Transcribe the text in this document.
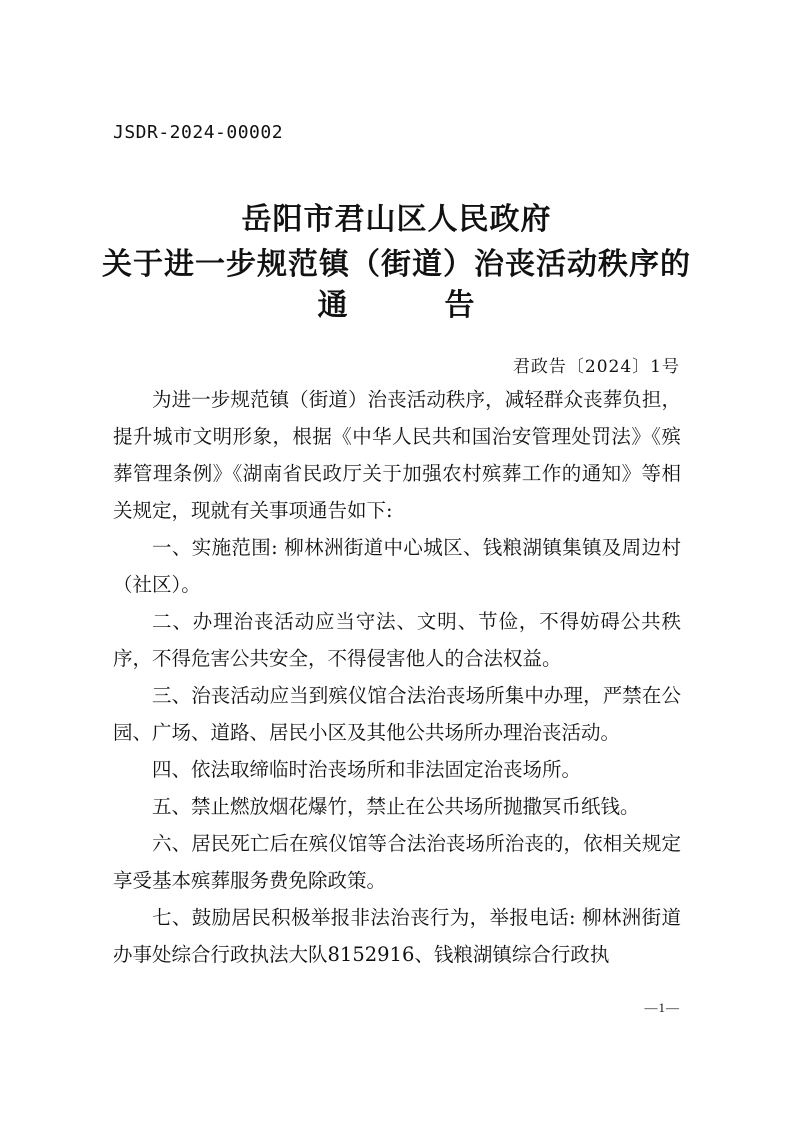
JSDR-2024-00002
岳阳市君山区人民政府
关于进一步规范镇（街道）治丧活动秩序的
通	告
君政告〔2024〕1号

为进一步规范镇（街道）治丧活动秩序，减轻群众丧葬负担，提升城市文明形象，根据《中华人民共和国治安管理处罚法》《殡葬管理条例》《湖南省民政厅关于加强农村殡葬工作的通知》等相关规定，现就有关事项通告如下:

一、实施范围: 柳林洲街道中心城区、钱粮湖镇集镇及周边村（社区）。

二、办理治丧活动应当守法、文明、节俭，不得妨碍公共秩序，不得危害公共安全，不得侵害他人的合法权益。

三、治丧活动应当到殡仪馆合法治丧场所集中办理，严禁在公园、广场、道路、居民小区及其他公共场所办理治丧活动。

四、依法取缔临时治丧场所和非法固定治丧场所。

五、禁止燃放烟花爆竹，禁止在公共场所抛撒冥币纸钱。

六、居民死亡后在殡仪馆等合法治丧场所治丧的，依相关规定享受基本殡葬服务费免除政策。

七、鼓励居民积极举报非法治丧行为，举报电话: 柳林洲街道办事处综合行政执法大队8152916、钱粮湖镇综合行政执

—1—
